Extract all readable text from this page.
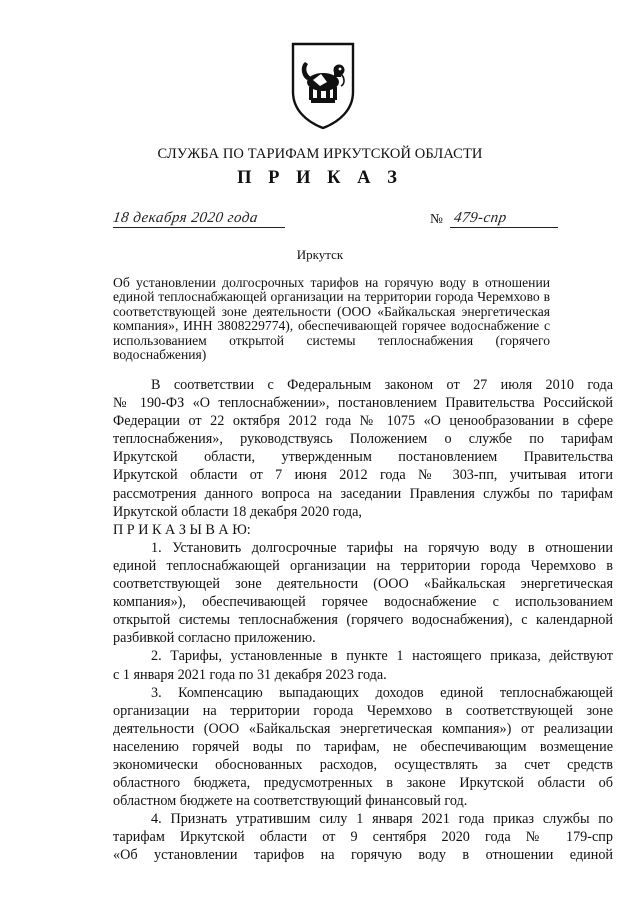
СЛУЖБА ПО ТАРИФАМ ИРКУТСКОЙ ОБЛАСТИ
П Р И К А З
18 декабря 2020 года	№ 479-спр
Иркутск
Об установлении долгосрочных тарифов на горячую воду в отношении
единой теплоснабжающей организации на территории города Черемхово в
соответствующей зоне деятельности (ООО «Байкальская энергетическая
компания», ИНН 3808229774), обеспечивающей горячее водоснабжение с
использованием открытой системы теплоснабжения (горячего
водоснабжения)
В соответствии с Федеральным законом от 27 июля 2010 года
№ 190-ФЗ «О теплоснабжении», постановлением Правительства Российской
Федерации от 22 октября 2012 года № 1075 «О ценообразовании в сфере
теплоснабжения», руководствуясь Положением о службе по тарифам
Иркутской области, утвержденным постановлением Правительства
Иркутской области от 7 июня 2012 года № 303-пп, учитывая итоги
рассмотрения данного вопроса на заседании Правления службы по тарифам
Иркутской области 18 декабря 2020 года,
П Р И К А З Ы В А Ю:
1. Установить долгосрочные тарифы на горячую воду в отношении
единой теплоснабжающей организации на территории города Черемхово в
соответствующей зоне деятельности (ООО «Байкальская энергетическая
компания»), обеспечивающей горячее водоснабжение с использованием
открытой системы теплоснабжения (горячего водоснабжения), с календарной
разбивкой согласно приложению.
2. Тарифы, установленные в пункте 1 настоящего приказа, действуют
с 1 января 2021 года по 31 декабря 2023 года.
3. Компенсацию выпадающих доходов единой теплоснабжающей
организации на территории города Черемхово в соответствующей зоне
деятельности (ООО «Байкальская энергетическая компания») от реализации
населению горячей воды по тарифам, не обеспечивающим возмещение
экономически обоснованных расходов, осуществлять за счет средств
областного бюджета, предусмотренных в законе Иркутской области об
областном бюджете на соответствующий финансовый год.
4. Признать утратившим силу 1 января 2021 года приказ службы по
тарифам Иркутской области от 9 сентября 2020 года № 179-спр
«Об установлении тарифов на горячую воду в отношении единой
